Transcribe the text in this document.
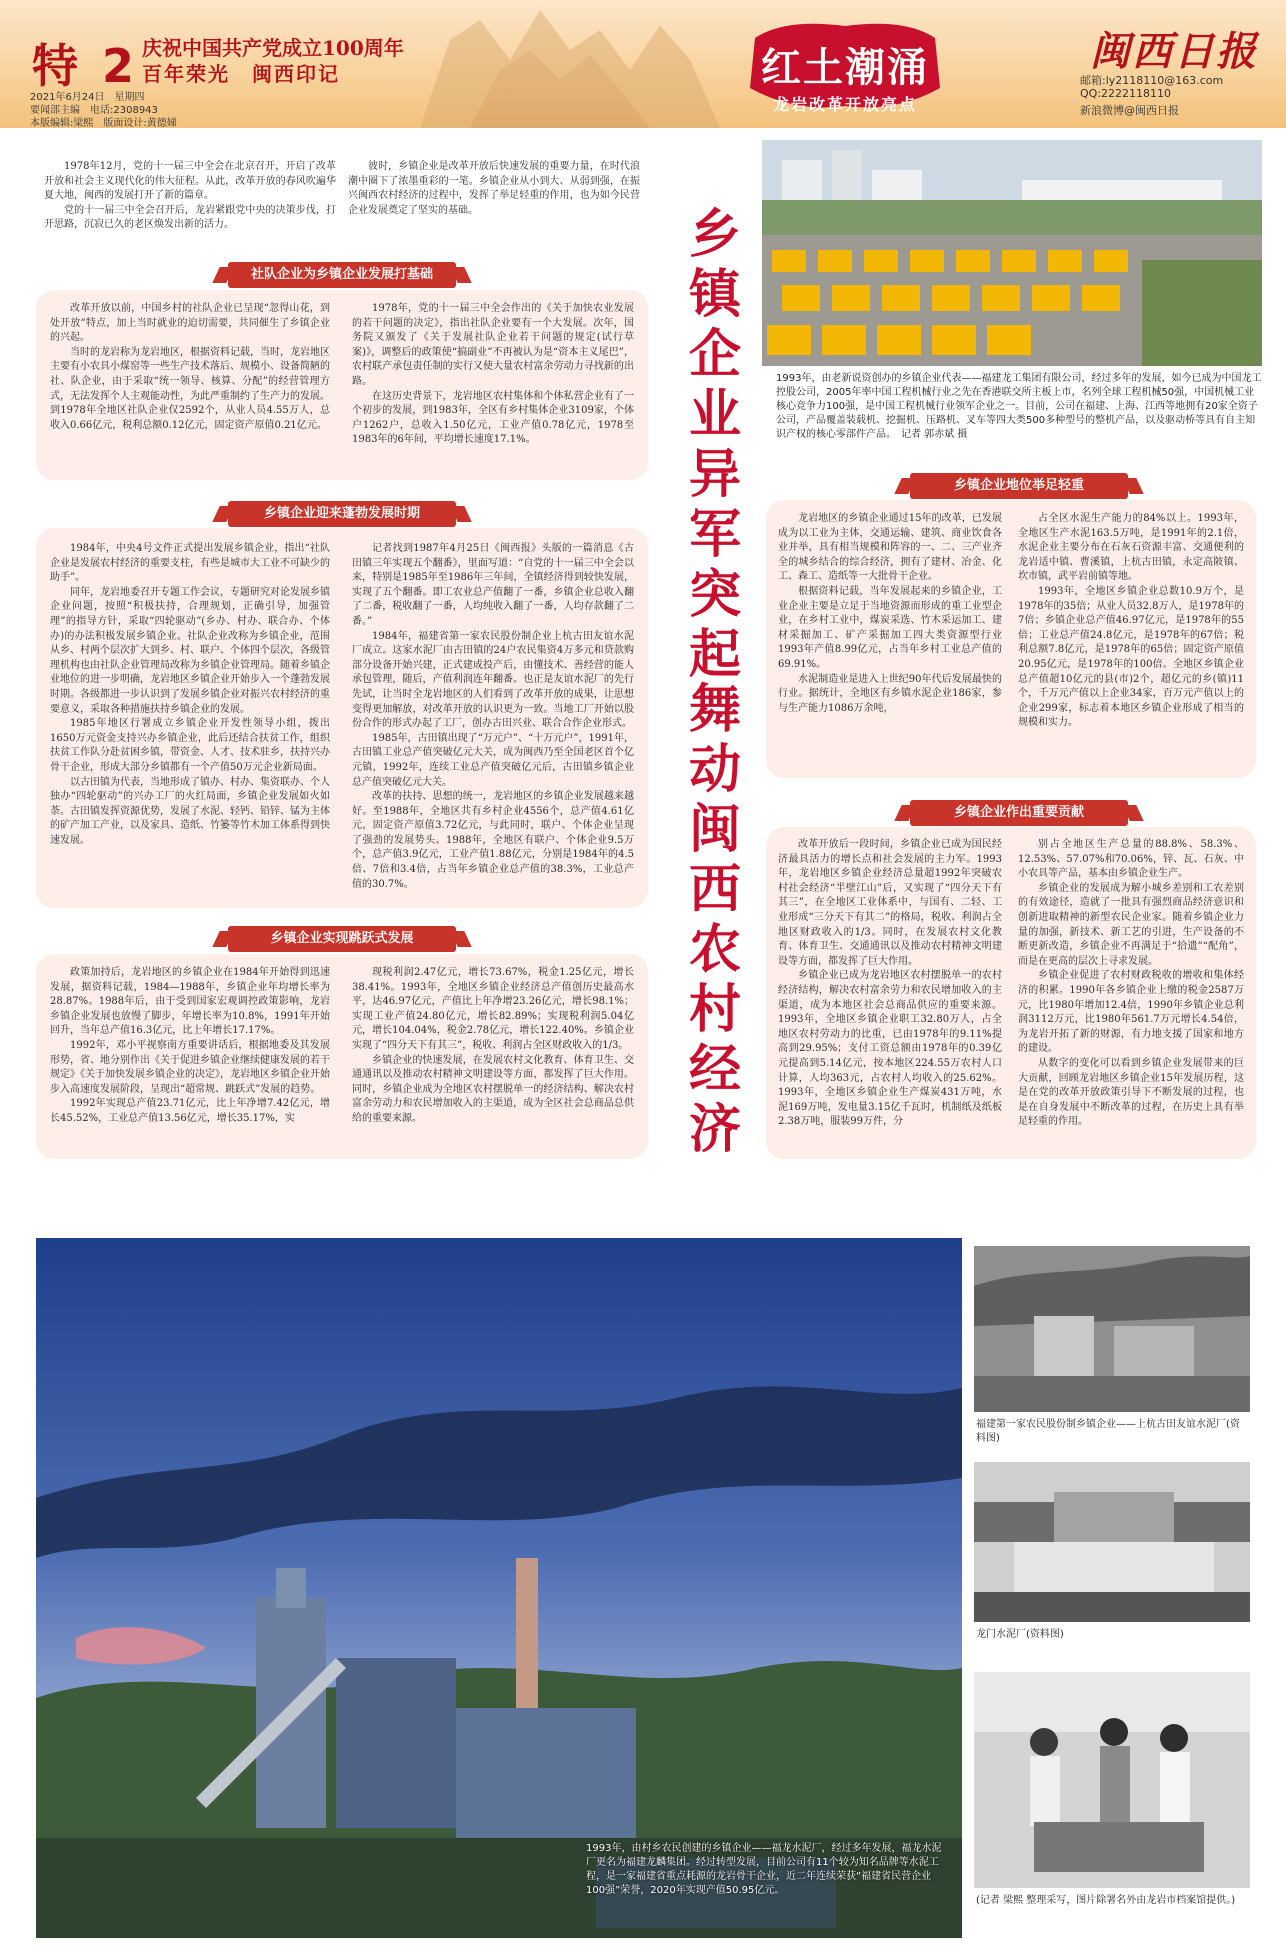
特 2 庆祝中国共产党成立100周年
百年荣光　闽西印记
2021年6月24日　星期四
要闻部主编　电话:2308943
本版编辑:梁熙　版面设计:黄德娣
红土潮涌
龙岩改革开放亮点
闽西日报
邮箱:ly2118110@163.com
QQ:2222118110
新浪微博@闽西日报

1978年12月，党的十一届三中全会在北京召开，开启了改革开放和社会主义现代化的伟大征程。从此，改革开放的春风吹遍华夏大地，闽西的发展打开了新的篇章。

党的十一届三中全会召开后，龙岩紧跟党中央的决策步伐，打开思路，沉寂已久的老区焕发出新的活力。

彼时，乡镇企业是改革开放后快速发展的重要力量，在时代浪潮中圈下了浓墨重彩的一笔。乡镇企业从小到大、从弱到强，在振兴闽西农村经济的过程中，发挥了举足轻重的作用，也为如今民营企业发展奠定了坚实的基础。

社队企业为乡镇企业发展打基础

改革开放以前，中国乡村的社队企业已呈现“忽得山花，到处开放”特点，加上当时就业的迫切需要，共同催生了乡镇企业的兴起。

当时的龙岩称为龙岩地区，根据资料记载，当时，龙岩地区主要有小农具小煤窑等一些生产技术落后、规模小、设备简陋的社、队企业，由于采取“统一领导、核算、分配”的经营管理方式，无法发挥个人主观能动性，为此严重制约了生产力的发展。到1978年全地区社队企业仅2592个，从业人员4.55万人，总收入0.66亿元，税利总额0.12亿元，固定资产原值0.21亿元。

1978年，党的十一届三中全会作出的《关于加快农业发展的若干问题的决定》，指出社队企业要有一个大发展。次年，国务院又颁发了《关于发展社队企业若干问题的规定(试行草案)》，调整后的政策使“搞副业”不再被认为是“资本主义尾巴”，农村联产承包责任制的实行又使大量农村富余劳动力寻找新的出路。

在这历史背景下，龙岩地区农村集体和个体私营企业有了一个初步的发展，到1983年，全区有乡村集体企业3109家，个体户1262户，总收入1.50亿元，工业产值0.78亿元，1978至1983年的6年间，平均增长速度17.1%。

乡镇企业迎来蓬勃发展时期

1984年，中央4号文件正式提出发展乡镇企业，指出“社队企业是发展农村经济的重要支柱，有些是城市大工业不可缺少的助手”。

同年，龙岩地委召开专题工作会议，专题研究对论发展乡镇企业问题，按照“积极扶持，合理规划，正确引导，加强管理”的指导方针，采取“四轮驱动”(乡办、村办、联合办、个体办)的办法积极发展乡镇企业。社队企业改称为乡镇企业，范围从乡、村两个层次扩大到乡、村、联户、个体四个层次，各级管理机构也由社队企业管理局改称为乡镇企业管理局。随着乡镇企业地位的进一步明确，龙岩地区乡镇企业开始步入一个蓬勃发展时期。各级都进一步认识到了发展乡镇企业对振兴农村经济的重要意义，采取各种措施扶持乡镇企业的发展。

1985年地区行署成立乡镇企业开发性领导小组，拨出1650万元资金支持兴办乡镇企业，此后还结合扶贫工作，组织扶贫工作队分赴贫困乡镇，带资金、人才、技术驻乡，扶持兴办骨干企业，形成大部分乡镇都有一个产值50万元企业新局面。

以古田镇为代表，当地形成了镇办、村办、集资联办、个人独办“四轮驱动”的兴办工厂的火红局面，乡镇企业发展如火如荼。古田镇发挥资源优势，发展了水泥、轻钙、铅锌、锰为主体的矿产加工产业，以及家具、造纸、竹篓等竹木加工体系得到快速发展。

记者找到1987年4月25日《闽西报》头版的一篇消息《古田镇三年实现五个翻番》，里面写道：“自党的十一届三中全会以来，特别是1985年至1986年三年间，全镇经济得到较快发展，实现了五个翻番。即工农业总产值翻了一番，乡镇企业总收入翻了二番，税收翻了一番，人均纯收入翻了一番，人均存款翻了二番。”

1984年，福建省第一家农民股份制企业上杭古田友谊水泥厂成立。这家水泥厂由古田镇的24户农民集资4万多元和贷款购部分设备开始兴建，正式建成投产后，由懂技术、善经营的能人承包管理，随后，产值利润连年翻番。也正是友谊水泥厂的先行先试，让当时全龙岩地区的人们看到了改革开放的成果，让思想变得更加解放，对改革开放的认识更为一致。当地工厂开始以股份合作的形式办起了工厂，创办古田兴业、联合合作企业形式。

1985年，古田镇出现了“万元户”、“十万元户”，1991年，古田镇工业总产值突破亿元大关，成为闽西乃至全国老区首个亿元镇，1992年，连续工业总产值突破亿元后，古田镇乡镇企业总产值突破亿元大关。

改革的扶持、思想的统一，龙岩地区的乡镇企业发展越来越好。至1988年，全地区共有乡村企业4556个，总产值4.61亿元，固定资产原值3.72亿元，与此同时，联户、个体企业呈现了强劲的发展势头。1988年，全地区有联户、个体企业9.5万个，总产值3.9亿元，工业产值1.88亿元，分别是1984年的4.5倍、7倍和3.4倍，占当年乡镇企业总产值的38.3%，工业总产值的30.7%。

乡镇企业实现跳跃式发展

政策加持后，龙岩地区的乡镇企业在1984年开始得到迅速发展，据资料记载，1984—1988年，乡镇企业年均增长率为28.87%。1988年后，由于受到国家宏观调控政策影响，龙岩乡镇企业发展也放慢了脚步，年增长率为10.8%，1991年开始回升，当年总产值16.3亿元，比上年增长17.17%。

1992年，邓小平视察南方重要讲话后，根据地委及其发展形势，省、地分别作出《关于促进乡镇企业继续健康发展的若干规定》《关于加快发展乡镇企业的决定》，龙岩地区乡镇企业开始步入高速度发展阶段，呈现出“超常规、跳跃式”发展的趋势。

1992年实现总产值23.71亿元，比上年净增7.42亿元，增长45.52%，工业总产值13.56亿元，增长35.17%，实

现税利润2.47亿元，增长73.67%，税金1.25亿元，增长38.41%。1993年，全地区乡镇企业经济总产值创历史最高水平，达46.97亿元，产值比上年净增23.26亿元，增长98.1%；实现工业产值24.80亿元，增长82.89%；实现税利润5.04亿元，增长104.04%，税金2.78亿元，增长122.40%。乡镇企业实现了“四分天下有其三”，税收、利润占全区财政收入的1/3。

乡镇企业的快速发展，在发展农村文化教育、体育卫生、交通通讯以及推动农村精神文明建设等方面，都发挥了巨大作用。同时，乡镇企业成为全地区农村摆脱单一的经济结构、解决农村富余劳动力和农民增加收入的主渠道，成为全区社会总商品总供给的重要来源。

乡镇企业异军突起
舞动闽西农村经济
1993年，由老新说资创办的乡镇企业代表——福建龙工集团有限公司，经过多年的发展，如今已成为中国龙工控股公司，2005年率中国工程机械行业之先在香港联交所主板上市，名列全球工程机械50强，中国机械工业核心竞争力100强，是中国工程机械行业领军企业之一。目前，公司在福建、上海、江西等地拥有20家全资子公司，产品覆盖装载机、挖掘机、压路机、叉车等四大类500多种型号的整机产品，以及驱动桥等具有自主知识产权的核心零部件产品。　记者 郭赤斌 摄
乡镇企业地位举足轻重

龙岩地区的乡镇企业通过15年的改革，已发展成为以工业为主体，交通运输、建筑、商业饮食各业并举，具有相当规模和阵容的一、二、三产业齐全的城乡结合的综合经济，拥有了建材、冶金、化工、森工、造纸等一大批骨干企业。

根据资料记载，当年发展起来的乡镇企业，工业企业主要是立足于当地资源而形成的重工业型企业，在乡村工业中，煤炭采选、竹木采运加工、建材采掘加工、矿产采掘加工四大类资源型行业1993年产值8.99亿元，占当年乡村工业总产值的69.91%。

水泥制造业是进入上世纪90年代后发展最快的行业。据统计，全地区有乡镇水泥企业186家，参与生产能力1086万余吨，

占全区水泥生产能力的84%以上。1993年，全地区生产水泥163.5万吨，是1991年的2.1倍，水泥企业主要分布在石灰石资源丰富、交通便利的龙岩适中镇、曹溪镇，上杭古田镇，永定高陂镇、坎市镇，武平岩前镇等地。

1993年，全地区乡镇企业总数10.9万个，是1978年的35倍；从业人员32.8万人，是1978年的7倍；乡镇企业总产值46.97亿元，是1978年的55倍；工业总产值24.8亿元，是1978年的67倍；税利总额7.8亿元，是1978年的65倍；固定资产原值20.95亿元，是1978年的100倍。全地区乡镇企业总产值超10亿元的县(市)2个，超亿元的乡(镇)11个，千万元产值以上企业34家，百万元产值以上的企业299家，标志着本地区乡镇企业形成了相当的规模和实力。

乡镇企业作出重要贡献

改革开放后一段时间，乡镇企业已成为国民经济最具活力的增长点和社会发展的主力军。1993年，龙岩地区乡镇企业经济总量超1992年突破农村社会经济“半壁江山”后，又实现了“四分天下有其三”，在全地区工业体系中，与国有、二轻、工业形成“三分天下有其二”的格局，税收、利润占全地区财政收入的1/3。同时，在发展农村文化教育、体育卫生、交通通讯以及推动农村精神文明建设等方面，都发挥了巨大作用。

乡镇企业已成为龙岩地区农村摆脱单一的农村经济结构，解决农村富余劳力和农民增加收入的主渠道，成为本地区社会总商品供应的重要来源。1993年，全地区乡镇企业职工32.80万人，占全地区农村劳动力的比重，已由1978年的9.11%提高到29.95%；支付工资总额由1978年的0.39亿元提高到5.14亿元，按本地区224.55万农村人口计算，人均363元，占农村人均收入的25.62%。1993年，全地区乡镇企业生产煤炭431万吨，水泥169万吨，发电量3.15亿千瓦时，机制纸及纸板2.38万吨，服装99万件，分

别占全地区生产总量的88.8%、58.3%、12.53%、57.07%和70.06%，锌、瓦、石灰、中小农具等产品，基本由乡镇企业生产。

乡镇企业的发展成为解小城乡差别和工农差别的有效途径，造就了一批具有强烈商品经济意识和创新进取精神的新型农民企业家。随着乡镇企业力量的加强，新技术、新工艺的引进，生产设备的不断更新改造，乡镇企业不再满足于“拾遗”“配角”，而是在更高的层次上寻求发展。

乡镇企业促进了农村财政税收的增收和集体经济的积累。1990年各乡镇企业上缴的税金2587万元，比1980年增加12.4倍，1990年乡镇企业总利润3112万元，比1980年561.7万元增长4.54倍，为龙岩开拓了新的财源，有力地支援了国家和地方的建设。

从数字的变化可以看到乡镇企业发展带来的巨大贡献，回顾龙岩地区乡镇企业15年发展历程，这是在党的改革开放政策引导下不断发展的过程，也是在自身发展中不断改革的过程，在历史上具有举足轻重的作用。

1993年，由村乡农民创建的乡镇企业——福龙水泥厂，经过多年发展，福龙水泥厂更名为福建龙麟集团。经过转型发展，目前公司有11个较为知名品牌等水泥工程，是一家福建省重点耗源的龙岩骨干企业，近二年连续荣获“福建省民营企业100强”荣誉，2020年实现产值50.95亿元。
福建第一家农民股份制乡镇企业——上杭古田友谊水泥厂(资料图)
龙门水泥厂(资料图)
(记者 梁熙 整理采写，图片除署名外由龙岩市档案馆提供。)
